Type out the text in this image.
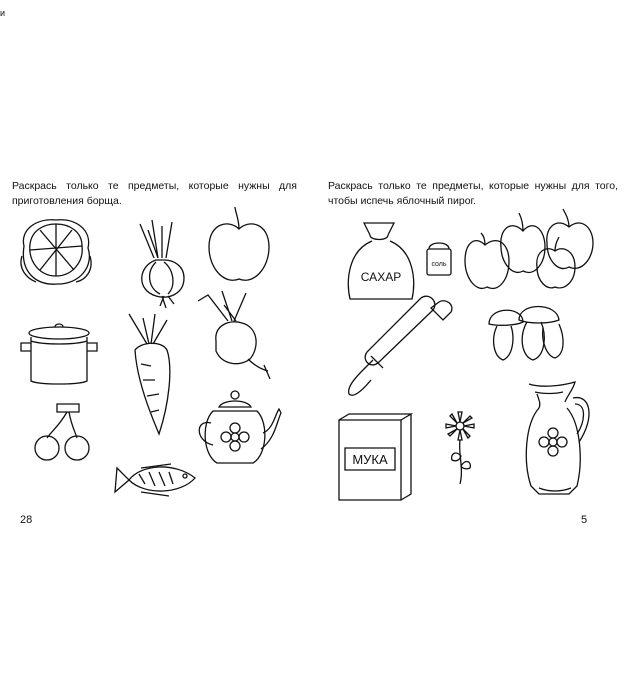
и
Раскрась только те предметы, которые нужны для приготовления борща.
28
Раскрась только те предметы, которые нужны для того, чтобы испечь яблочный пирог.
САХАР
соль
МУКА
5
